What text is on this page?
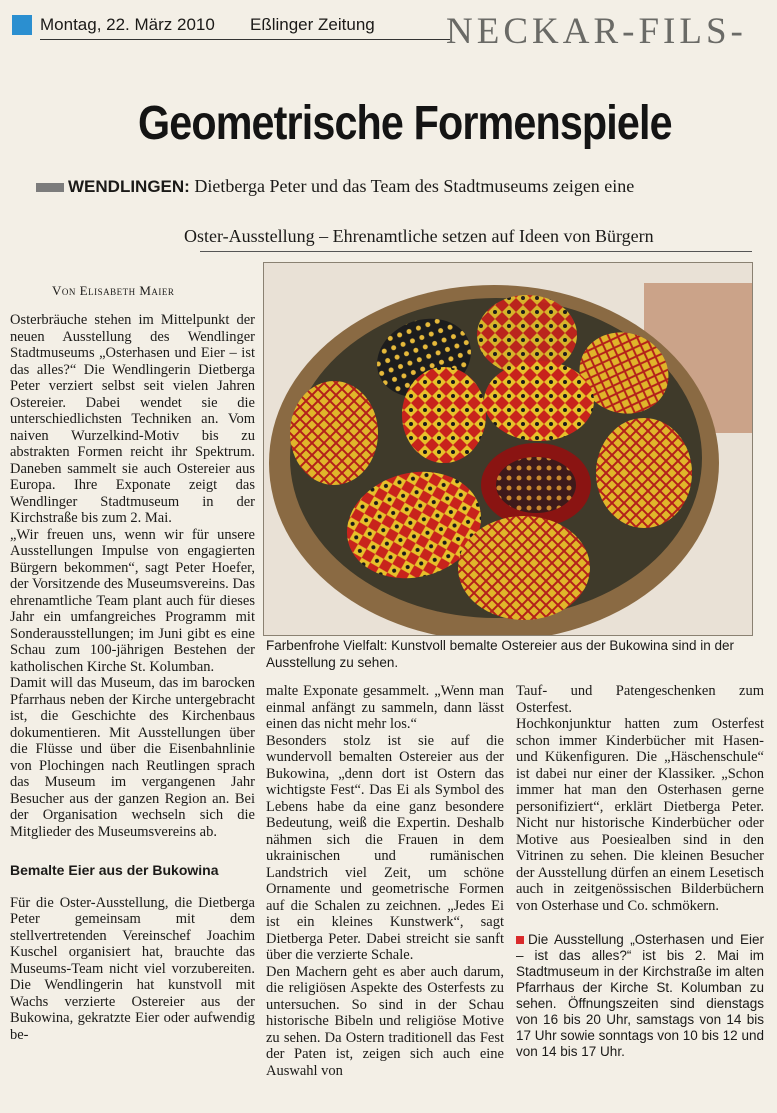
Montag, 22. März 2010 Eßlinger Zeitung NECKAR-FILS-
Geometrische Formenspiele
WENDLINGEN: Dietberga Peter und das Team des Stadtmuseums zeigen eine
Oster-Ausstellung – Ehrenamtliche setzen auf Ideen von Bürgern
Von Elisabeth Maier

Osterbräuche stehen im Mittelpunkt der neuen Ausstellung des Wendlinger Stadtmuseums „Osterhasen und Eier – ist das alles?“ Die Wendlingerin Dietberga Peter verziert selbst seit vielen Jahren Ostereier. Dabei wendet sie die unterschiedlichsten Techniken an. Vom naiven Wurzelkind-Motiv bis zu abstrakten Formen reicht ihr Spektrum. Daneben sammelt sie auch Ostereier aus Europa. Ihre Exponate zeigt das Wendlinger Stadtmuseum in der Kirchstraße bis zum 2. Mai.

„Wir freuen uns, wenn wir für unsere Ausstellungen Impulse von engagierten Bürgern bekommen“, sagt Peter Hoefer, der Vorsitzende des Museumsvereins. Das ehrenamtliche Team plant auch für dieses Jahr ein umfangreiches Programm mit Sonderausstellungen; im Juni gibt es eine Schau zum 100-jährigen Bestehen der katholischen Kirche St. Kolumban.

Damit will das Museum, das im barocken Pfarrhaus neben der Kirche untergebracht ist, die Geschichte des Kirchenbaus dokumentieren. Mit Ausstellungen über die Flüsse und über die Eisenbahnlinie von Plochingen nach Reutlingen sprach das Museum im vergangenen Jahr Besucher aus der ganzen Region an. Bei der Organisation wechseln sich die Mitglieder des Museumsvereins ab.

Bemalte Eier aus der Bukowina

Für die Oster-Ausstellung, die Dietberga Peter gemeinsam mit dem stellvertretenden Vereinschef Joachim Kuschel organisiert hat, brauchte das Museums-Team nicht viel vorzubereiten. Die Wendlingerin hat kunstvoll mit Wachs verzierte Ostereier aus der Bukowina, gekratzte Eier oder aufwendig be-

Farbenfrohe Vielfalt: Kunstvoll bemalte Ostereier aus der Bukowina sind in der Ausstellung zu sehen.

malte Exponate gesammelt. „Wenn man einmal anfängt zu sammeln, dann lässt einen das nicht mehr los.“

Besonders stolz ist sie auf die wundervoll bemalten Ostereier aus der Bukowina, „denn dort ist Ostern das wichtigste Fest“. Das Ei als Symbol des Lebens habe da eine ganz besondere Bedeutung, weiß die Expertin. Deshalb nähmen sich die Frauen in dem ukrainischen und rumänischen Landstrich viel Zeit, um schöne Ornamente und geometrische Formen auf die Schalen zu zeichnen. „Jedes Ei ist ein kleines Kunstwerk“, sagt Dietberga Peter. Dabei streicht sie sanft über die verzierte Schale.

Den Machern geht es aber auch darum, die religiösen Aspekte des Osterfests zu untersuchen. So sind in der Schau historische Bibeln und religiöse Motive zu sehen. Da Ostern traditionell das Fest der Paten ist, zeigen sich auch eine Auswahl von

Tauf- und Patengeschenken zum Osterfest.

Hochkonjunktur hatten zum Osterfest schon immer Kinderbücher mit Hasen- und Kükenfiguren. Die „Häschenschule“ ist dabei nur einer der Klassiker. „Schon immer hat man den Osterhasen gerne personifiziert“, erklärt Dietberga Peter. Nicht nur historische Kinderbücher oder Motive aus Poesiealben sind in den Vitrinen zu sehen. Die kleinen Besucher der Ausstellung dürfen an einem Lesetisch auch in zeitgenössischen Bilderbüchern von Osterhase und Co. schmökern.

Die Ausstellung „Osterhasen und Eier – ist das alles?“ ist bis 2. Mai im Stadtmuseum in der Kirchstraße im alten Pfarrhaus der Kirche St. Kolumban zu sehen. Öffnungszeiten sind dienstags von 16 bis 20 Uhr, samstags von 14 bis 17 Uhr sowie sonntags von 10 bis 12 und von 14 bis 17 Uhr.
